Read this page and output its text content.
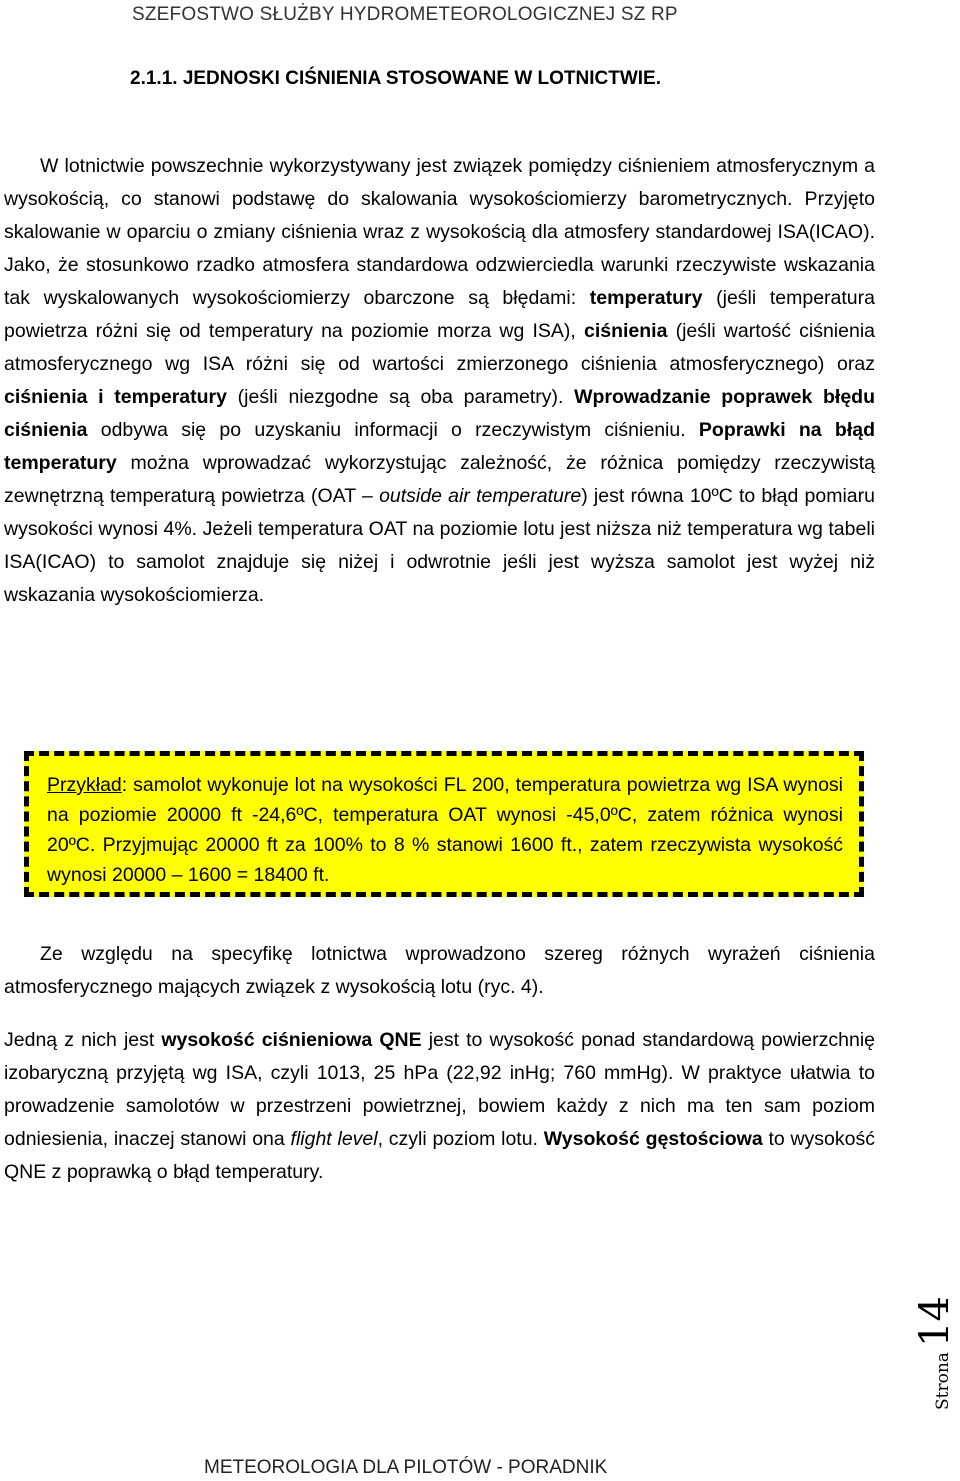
SZEFOSTWO SŁUŻBY HYDROMETEOROLOGICZNEJ SZ RP
2.1.1. JEDNOSKI CIŚNIENIA STOSOWANE W LOTNICTWIE.
W lotnictwie powszechnie wykorzystywany jest związek pomiędzy ciśnieniem atmosferycznym a wysokością, co stanowi podstawę do skalowania wysokościomierzy barometrycznych. Przyjęto skalowanie w oparciu o zmiany ciśnienia wraz z wysokością dla atmosfery standardowej ISA(ICAO). Jako, że stosunkowo rzadko atmosfera standardowa odzwierciedla warunki rzeczywiste wskazania tak wyskalowanych wysokościomierzy obarczone są błędami: temperatury (jeśli temperatura powietrza różni się od temperatury na poziomie morza wg ISA), ciśnienia (jeśli wartość ciśnienia atmosferycznego wg ISA różni się od wartości zmierzonego ciśnienia atmosferycznego) oraz ciśnienia i temperatury (jeśli niezgodne są oba parametry). Wprowadzanie poprawek błędu ciśnienia odbywa się po uzyskaniu informacji o rzeczywistym ciśnieniu. Poprawki na błąd temperatury można wprowadzać wykorzystując zależność, że różnica pomiędzy rzeczywistą zewnętrzną temperaturą powietrza (OAT – outside air temperature) jest równa 10ºC to błąd pomiaru wysokości wynosi 4%. Jeżeli temperatura OAT na poziomie lotu jest niższa niż temperatura wg tabeli ISA(ICAO) to samolot znajduje się niżej i odwrotnie jeśli jest wyższa samolot jest wyżej niż wskazania wysokościomierza.
Przykład: samolot wykonuje lot na wysokości FL 200, temperatura powietrza wg ISA wynosi na poziomie 20000 ft -24,6ºC, temperatura OAT wynosi -45,0ºC, zatem różnica wynosi 20ºC. Przyjmując 20000 ft za 100% to 8 % stanowi 1600 ft., zatem rzeczywista wysokość wynosi 20000 – 1600 = 18400 ft.
Ze względu na specyfikę lotnictwa wprowadzono szereg różnych wyrażeń ciśnienia atmosferycznego mających związek z wysokością lotu (ryc. 4).
Jedną z nich jest wysokość ciśnieniowa QNE jest to wysokość ponad standardową powierzchnię izobaryczną przyjętą wg ISA, czyli 1013, 25 hPa (22,92 inHg; 760 mmHg). W praktyce ułatwia to prowadzenie samolotów w przestrzeni powietrznej, bowiem każdy z nich ma ten sam poziom odniesienia, inaczej stanowi ona flight level, czyli poziom lotu. Wysokość gęstościowa to wysokość QNE z poprawką o błąd temperatury.
Strona 14
METEOROLOGIA DLA PILOTÓW - PORADNIK
